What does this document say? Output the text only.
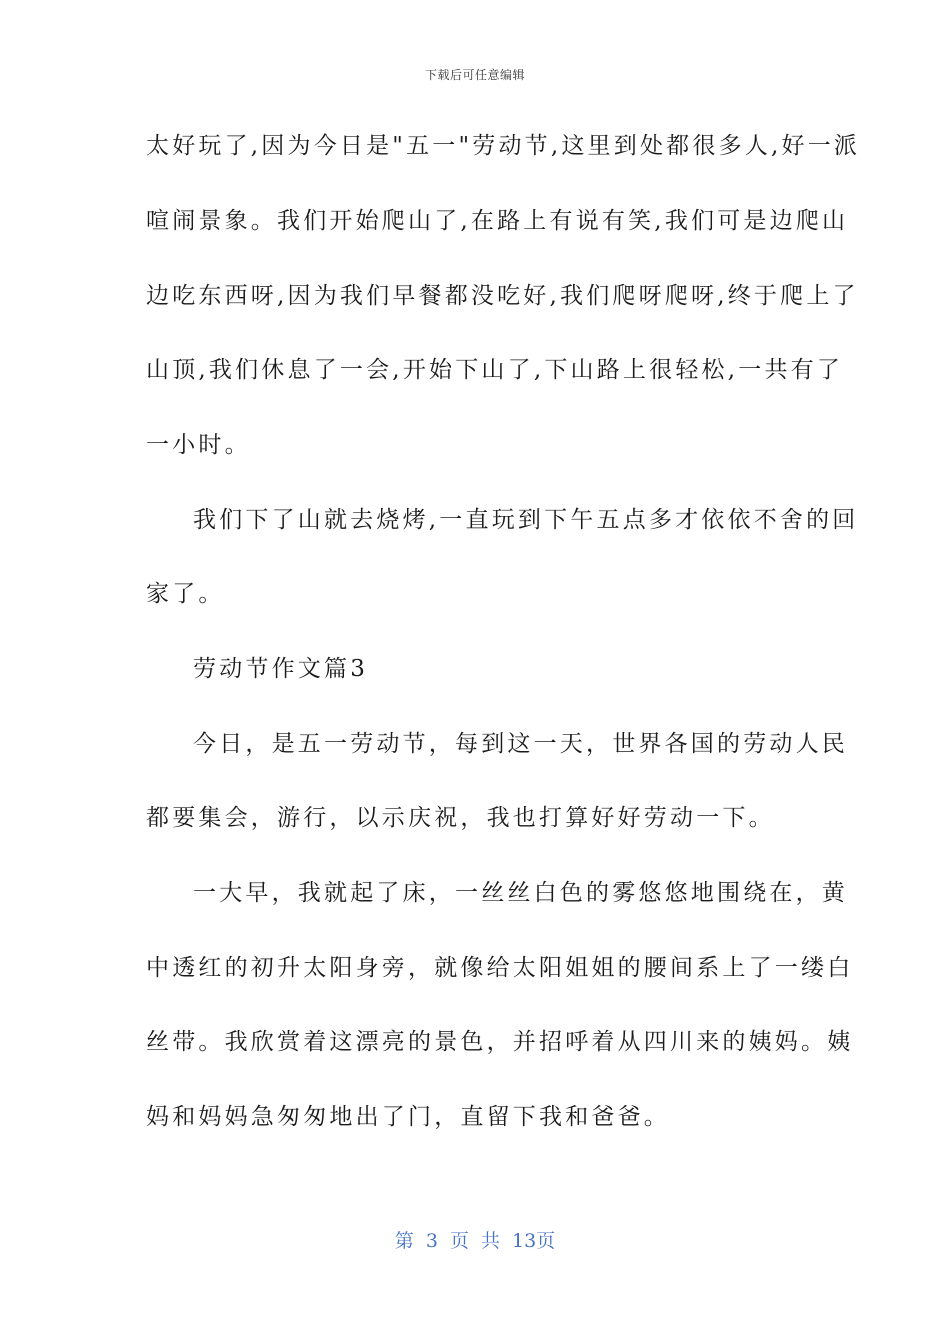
下载后可任意编辑
太好玩了,因为今日是"五一"劳动节,这里到处都很多人,好一派
喧闹景象。我们开始爬山了,在路上有说有笑,我们可是边爬山
边吃东西呀,因为我们早餐都没吃好,我们爬呀爬呀,终于爬上了
山顶,我们休息了一会,开始下山了,下山路上很轻松,一共有了
一小时。
我们下了山就去烧烤,一直玩到下午五点多才依依不舍的回
家了。
劳动节作文篇3
今日，是五一劳动节，每到这一天，世界各国的劳动人民
都要集会，游行，以示庆祝，我也打算好好劳动一下。
一大早，我就起了床，一丝丝白色的雾悠悠地围绕在，黄
中透红的初升太阳身旁，就像给太阳姐姐的腰间系上了一缕白
丝带。我欣赏着这漂亮的景色，并招呼着从四川来的姨妈。姨
妈和妈妈急匆匆地出了门，直留下我和爸爸。
第 3 页 共 13页
